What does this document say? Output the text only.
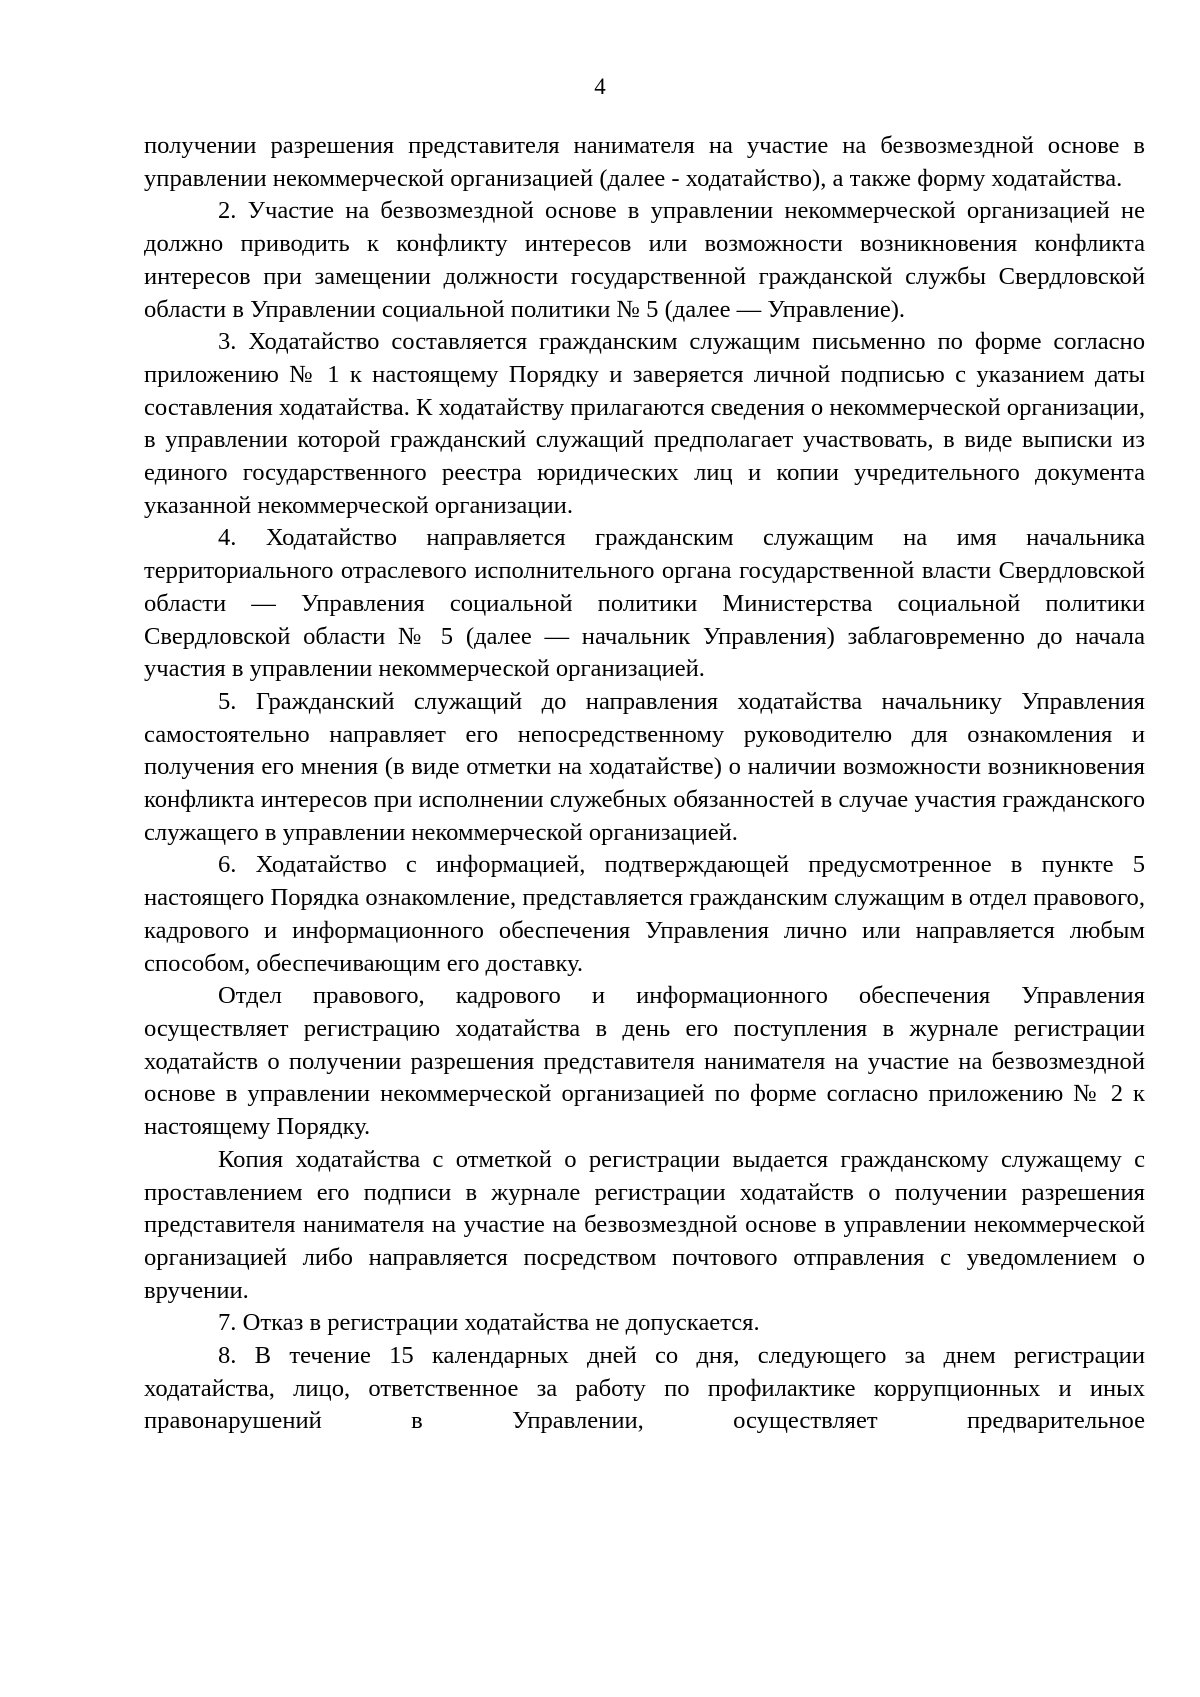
4

получении разрешения представителя нанимателя на участие на безвозмездной основе в управлении некоммерческой организацией (далее - ходатайство), а также форму ходатайства.

2. Участие на безвозмездной основе в управлении некоммерческой организацией не должно приводить к конфликту интересов или возможности возникновения конфликта интересов при замещении должности государственной гражданской службы Свердловской области в Управлении социальной политики № 5 (далее — Управление).

3. Ходатайство составляется гражданским служащим письменно по форме согласно приложению № 1 к настоящему Порядку и заверяется личной подписью с указанием даты составления ходатайства. К ходатайству прилагаются сведения о некоммерческой организации, в управлении которой гражданский служащий предполагает участвовать, в виде выписки из единого государственного реестра юридических лиц и копии учредительного документа указанной некоммерческой организации.

4. Ходатайство направляется гражданским служащим на имя начальника территориального отраслевого исполнительного органа государственной власти Свердловской области — Управления социальной политики Министерства социальной политики Свердловской области № 5 (далее — начальник Управления) заблаговременно до начала участия в управлении некоммерческой организацией.

5. Гражданский служащий до направления ходатайства начальнику Управления самостоятельно направляет его непосредственному руководителю для ознакомления и получения его мнения (в виде отметки на ходатайстве) о наличии возможности возникновения конфликта интересов при исполнении служебных обязанностей в случае участия гражданского служащего в управлении некоммерческой организацией.

6. Ходатайство с информацией, подтверждающей предусмотренное в пункте 5 настоящего Порядка ознакомление, представляется гражданским служащим в отдел правового, кадрового и информационного обеспечения Управления лично или направляется любым способом, обеспечивающим его доставку.

Отдел правового, кадрового и информационного обеспечения Управления осуществляет регистрацию ходатайства в день его поступления в журнале регистрации ходатайств о получении разрешения представителя нанимателя на участие на безвозмездной основе в управлении некоммерческой организацией по форме согласно приложению № 2 к настоящему Порядку.

Копия ходатайства с отметкой о регистрации выдается гражданскому служащему с проставлением его подписи в журнале регистрации ходатайств о получении разрешения представителя нанимателя на участие на безвозмездной основе в управлении некоммерческой организацией либо направляется посредством почтового отправления с уведомлением о вручении.

7. Отказ в регистрации ходатайства не допускается.

8. В течение 15 календарных дней со дня, следующего за днем регистрации ходатайства, лицо, ответственное за работу по профилактике коррупционных и иных правонарушений в Управлении, осуществляет предварительное
